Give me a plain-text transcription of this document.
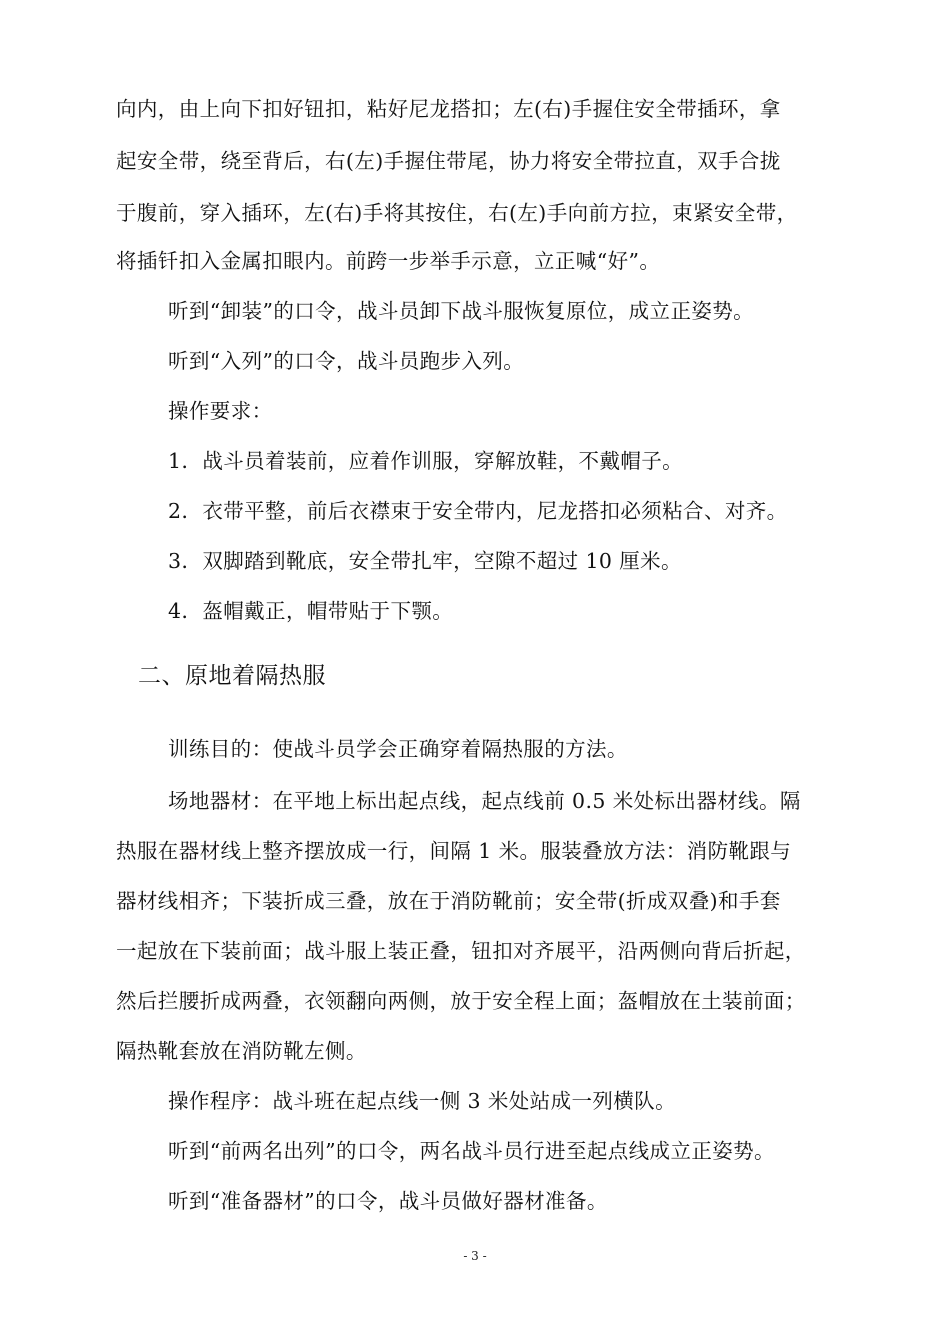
向内，由上向下扣好钮扣，粘好尼龙搭扣；左(右)手握住安全带插环，拿
起安全带，绕至背后，右(左)手握住带尾，协力将安全带拉直，双手合拢
于腹前，穿入插环，左(右)手将其按住，右(左)手向前方拉，束紧安全带，
将插钎扣入金属扣眼内。前跨一步举手示意，立正喊“好”。
听到“卸装”的口令，战斗员卸下战斗服恢复原位，成立正姿势。
听到“入列”的口令，战斗员跑步入列。
操作要求：
1．战斗员着装前，应着作训服，穿解放鞋，不戴帽子。
2．衣带平整，前后衣襟束于安全带内，尼龙搭扣必须粘合、对齐。
3．双脚踏到靴底，安全带扎牢，空隙不超过 10 厘米。
4．盔帽戴正，帽带贴于下颚。
二、原地着隔热服
训练目的：使战斗员学会正确穿着隔热服的方法。
场地器材：在平地上标出起点线，起点线前 0.5 米处标出器材线。隔
热服在器材线上整齐摆放成一行，间隔 1 米。服装叠放方法：消防靴跟与
器材线相齐；下装折成三叠，放在于消防靴前；安全带(折成双叠)和手套
一起放在下装前面；战斗服上装正叠，钮扣对齐展平，沿两侧向背后折起，
然后拦腰折成两叠，衣领翻向两侧，放于安全程上面；盔帽放在土装前面；
隔热靴套放在消防靴左侧。
操作程序：战斗班在起点线一侧 3 米处站成一列横队。
听到“前两名出列”的口令，两名战斗员行进至起点线成立正姿势。
听到“准备器材”的口令，战斗员做好器材准备。
- 3 -
